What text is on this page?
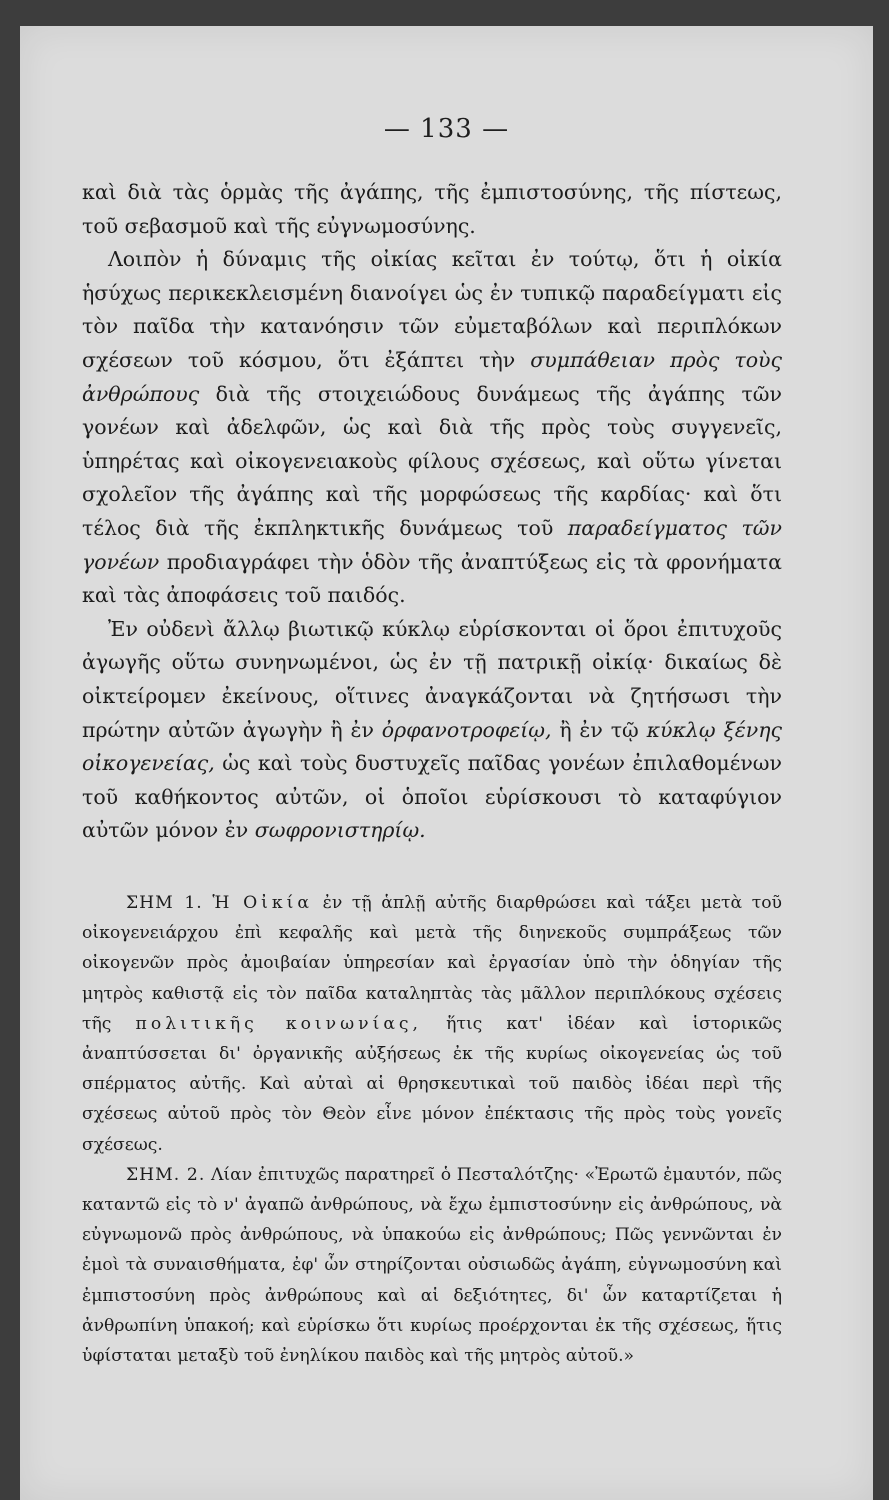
— 133 —

καὶ διὰ τὰς ὁρμὰς τῆς ἀγάπης, τῆς ἐμπιστοσύνης, τῆς πίστεως, τοῦ σεβασμοῦ καὶ τῆς εὐγνωμοσύνης.

Λοιπὸν ἡ δύναμις τῆς οἰκίας κεῖται ἐν τούτῳ, ὅτι ἡ οἰκία ἡσύχως περικεκλεισμένη διανοίγει ὡς ἐν τυπικῷ παραδείγματι εἰς τὸν παῖδα τὴν κατανόησιν τῶν εὐμεταβόλων καὶ περιπλόκων σχέσεων τοῦ κόσμου, ὅτι ἐξάπτει τὴν συμπάθειαν πρὸς τοὺς ἀνθρώπους διὰ τῆς στοιχειώδους δυνάμεως τῆς ἀγάπης τῶν γονέων καὶ ἀδελφῶν, ὡς καὶ διὰ τῆς πρὸς τοὺς συγγενεῖς, ὑπηρέτας καὶ οἰκογενειακοὺς φίλους σχέσεως, καὶ οὕτω γίνεται σχολεῖον τῆς ἀγάπης καὶ τῆς μορφώσεως τῆς καρδίας· καὶ ὅτι τέλος διὰ τῆς ἐκπληκτικῆς δυνάμεως τοῦ παραδείγματος τῶν γονέων προδιαγράφει τὴν ὁδὸν τῆς ἀναπτύξεως εἰς τὰ φρονήματα καὶ τὰς ἀποφάσεις τοῦ παιδός.

Ἐν οὐδενὶ ἄλλῳ βιωτικῷ κύκλῳ εὑρίσκονται οἱ ὅροι ἐπιτυχοῦς ἀγωγῆς οὕτω συνηνωμένοι, ὡς ἐν τῇ πατρικῇ οἰκίᾳ· δικαίως δὲ οἰκτείρομεν ἐκείνους, οἵτινες ἀναγκάζονται νὰ ζητήσωσι τὴν πρώτην αὐτῶν ἀγωγὴν ἢ ἐν ὀρφανοτροφείῳ, ἢ ἐν τῷ κύκλῳ ξένης οἰκογενείας, ὡς καὶ τοὺς δυστυχεῖς παῖδας γονέων ἐπιλαθομένων τοῦ καθήκοντος αὐτῶν, οἱ ὁποῖοι εὑρίσκουσι τὸ καταφύγιον αὐτῶν μόνον ἐν σωφρονιστηρίῳ.

ΣΗΜ 1. Ἡ Οἰκία ἐν τῇ ἁπλῇ αὐτῆς διαρθρώσει καὶ τάξει μετὰ τοῦ οἰκογενειάρχου ἐπὶ κεφαλῆς καὶ μετὰ τῆς διηνεκοῦς συμπράξεως τῶν οἰκογενῶν πρὸς ἀμοιβαίαν ὑπηρεσίαν καὶ ἐργασίαν ὑπὸ τὴν ὁδηγίαν τῆς μητρὸς καθιστᾷ εἰς τὸν παῖδα καταληπτὰς τὰς μᾶλλον περιπλόκους σχέσεις τῆς πολιτικῆς κοινωνίας, ἥτις κατ' ἰδέαν καὶ ἱστορικῶς ἀναπτύσσεται δι' ὀργανικῆς αὐξήσεως ἐκ τῆς κυρίως οἰκογενείας ὡς τοῦ σπέρματος αὐτῆς. Καὶ αὐταὶ αἱ θρησκευτικαὶ τοῦ παιδὸς ἰδέαι περὶ τῆς σχέσεως αὐτοῦ πρὸς τὸν Θεὸν εἶνε μόνον ἐπέκτασις τῆς πρὸς τοὺς γονεῖς σχέσεως.

ΣΗΜ. 2. Λίαν ἐπιτυχῶς παρατηρεῖ ὁ Πεσταλότζης· «Ἐρωτῶ ἐμαυτόν, πῶς καταντῶ εἰς τὸ ν' ἀγαπῶ ἀνθρώπους, νὰ ἔχω ἐμπιστοσύνην εἰς ἀνθρώπους, νὰ εὐγνωμονῶ πρὸς ἀνθρώπους, νὰ ὑπακούω εἰς ἀνθρώπους; Πῶς γεννῶνται ἐν ἐμοὶ τὰ συναισθήματα, ἐφ' ὧν στηρίζονται οὐσιωδῶς ἀγάπη, εὐγνωμοσύνη καὶ ἐμπιστοσύνη πρὸς ἀνθρώπους καὶ αἱ δεξιότητες, δι' ὧν καταρτίζεται ἡ ἀνθρωπίνη ὑπακοή; καὶ εὑρίσκω ὅτι κυρίως προέρχονται ἐκ τῆς σχέσεως, ἥτις ὑφίσταται μεταξὺ τοῦ ἐνηλίκου παιδὸς καὶ τῆς μητρὸς αὐτοῦ.»
